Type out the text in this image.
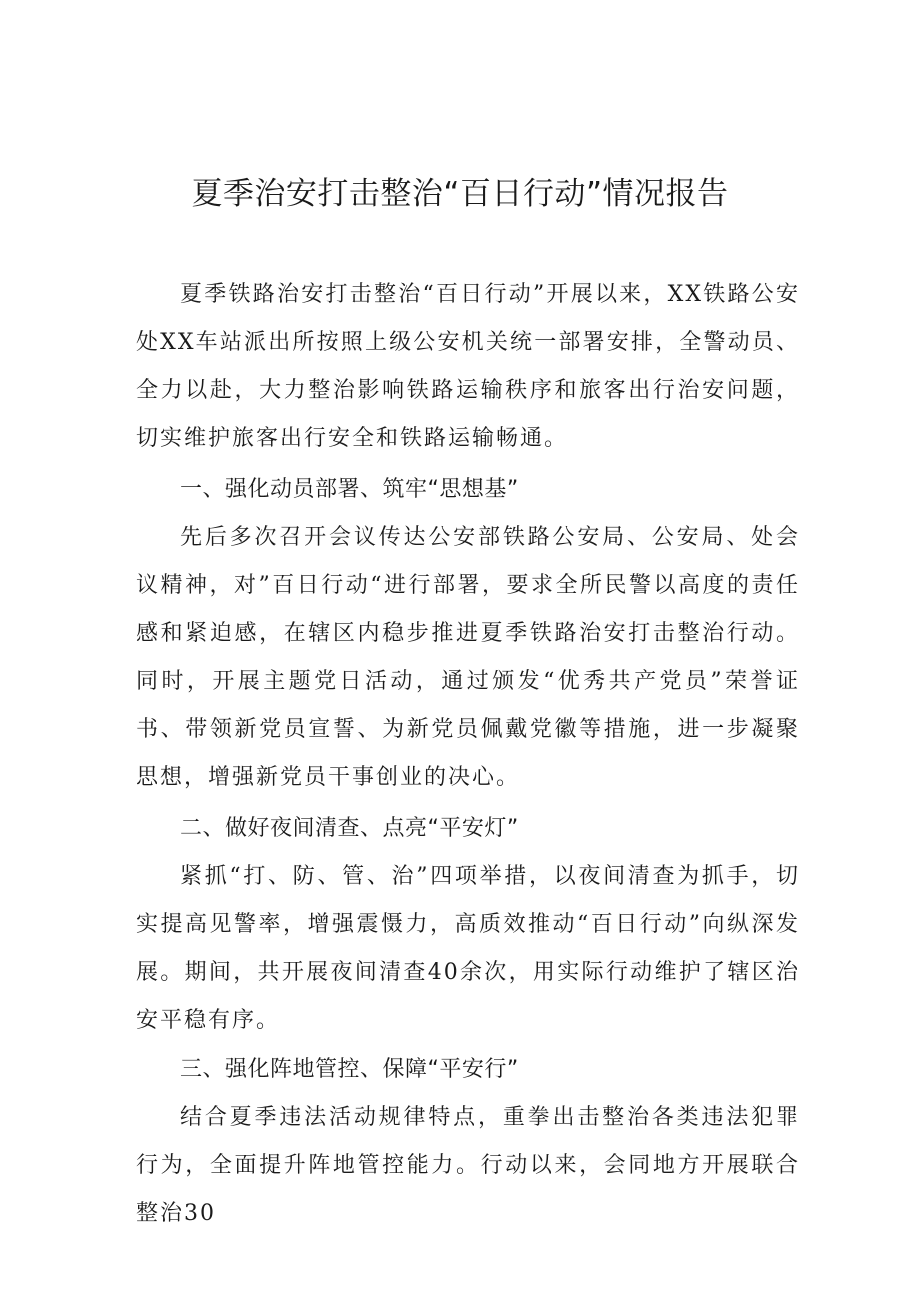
夏季治安打击整治“百日行动”情况报告

夏季铁路治安打击整治“百日行动”开展以来，XX铁路公安处XX车站派出所按照上级公安机关统一部署安排，全警动员、全力以赴，大力整治影响铁路运输秩序和旅客出行治安问题，切实维护旅客出行安全和铁路运输畅通。

一、强化动员部署、筑牢“思想基”

先后多次召开会议传达公安部铁路公安局、公安局、处会议精神，对”百日行动“进行部署，要求全所民警以高度的责任感和紧迫感，在辖区内稳步推进夏季铁路治安打击整治行动。同时，开展主题党日活动，通过颁发“优秀共产党员”荣誉证书、带领新党员宣誓、为新党员佩戴党徽等措施，进一步凝聚思想，增强新党员干事创业的决心。

二、做好夜间清查、点亮“平安灯”

紧抓“打、防、管、治”四项举措，以夜间清查为抓手，切实提高见警率，增强震慑力，高质效推动“百日行动”向纵深发展。期间，共开展夜间清查40余次，用实际行动维护了辖区治安平稳有序。

三、强化阵地管控、保障“平安行”

结合夏季违法活动规律特点，重拳出击整治各类违法犯罪行为，全面提升阵地管控能力。行动以来，会同地方开展联合整治30
